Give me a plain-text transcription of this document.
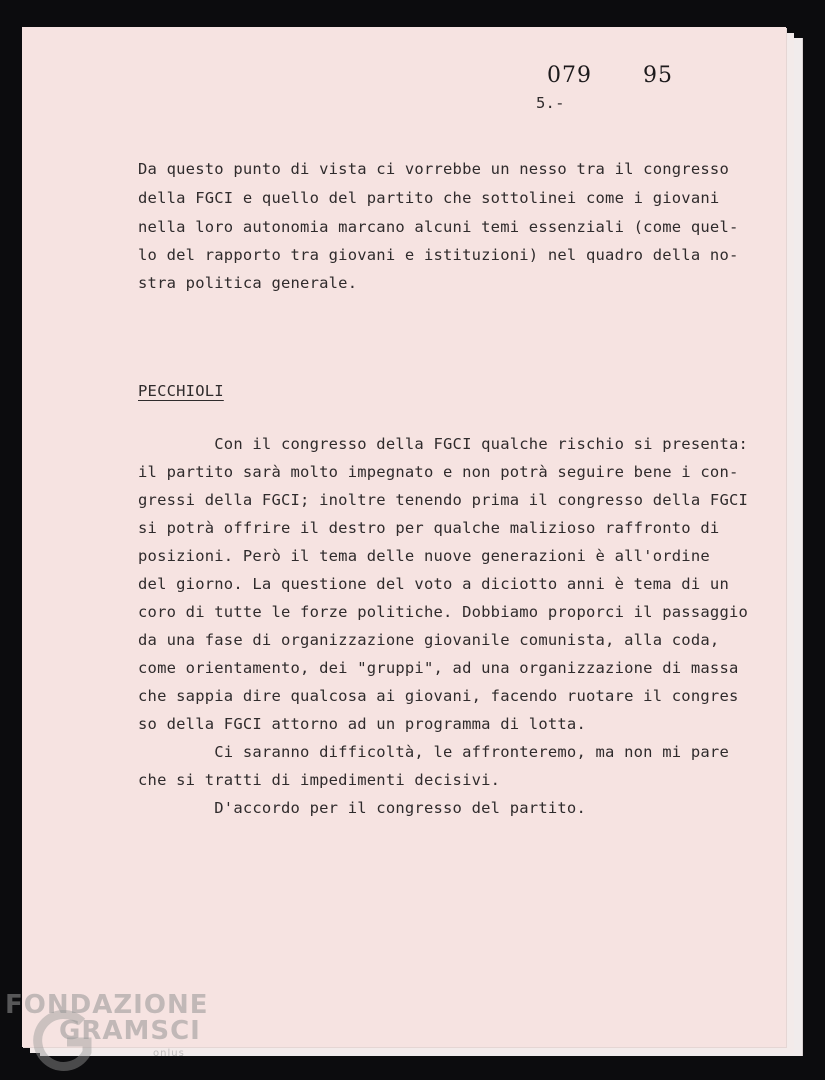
079 95
5.-
Da questo punto di vista ci vorrebbe un nesso tra il congresso
della FGCI e quello del partito che sottolinei come i giovani
nella loro autonomia marcano alcuni temi essenziali (come quel-
lo del rapporto tra giovani e istituzioni) nel quadro della no-
stra politica generale.
PECCHIOLI
Con il congresso della FGCI qualche rischio si presenta:
il partito sarà molto impegnato e non potrà seguire bene i con-
gressi della FGCI; inoltre tenendo prima il congresso della FGCI
si potrà offrire il destro per qualche malizioso raffronto di
posizioni. Però il tema delle nuove generazioni è all'ordine
del giorno. La questione del voto a diciotto anni è tema di un
coro di tutte le forze politiche. Dobbiamo proporci il passaggio
da una fase di organizzazione giovanile comunista, alla coda,
come orientamento, dei "gruppi", ad una organizzazione di massa
che sappia dire qualcosa ai giovani, facendo ruotare il congres
so della FGCI attorno ad un programma di lotta.
Ci saranno difficoltà, le affronteremo, ma non mi pare
che si tratti di impedimenti decisivi.
D'accordo per il congresso del partito.
FONDAZIONE
GRAMSCI
onlus
